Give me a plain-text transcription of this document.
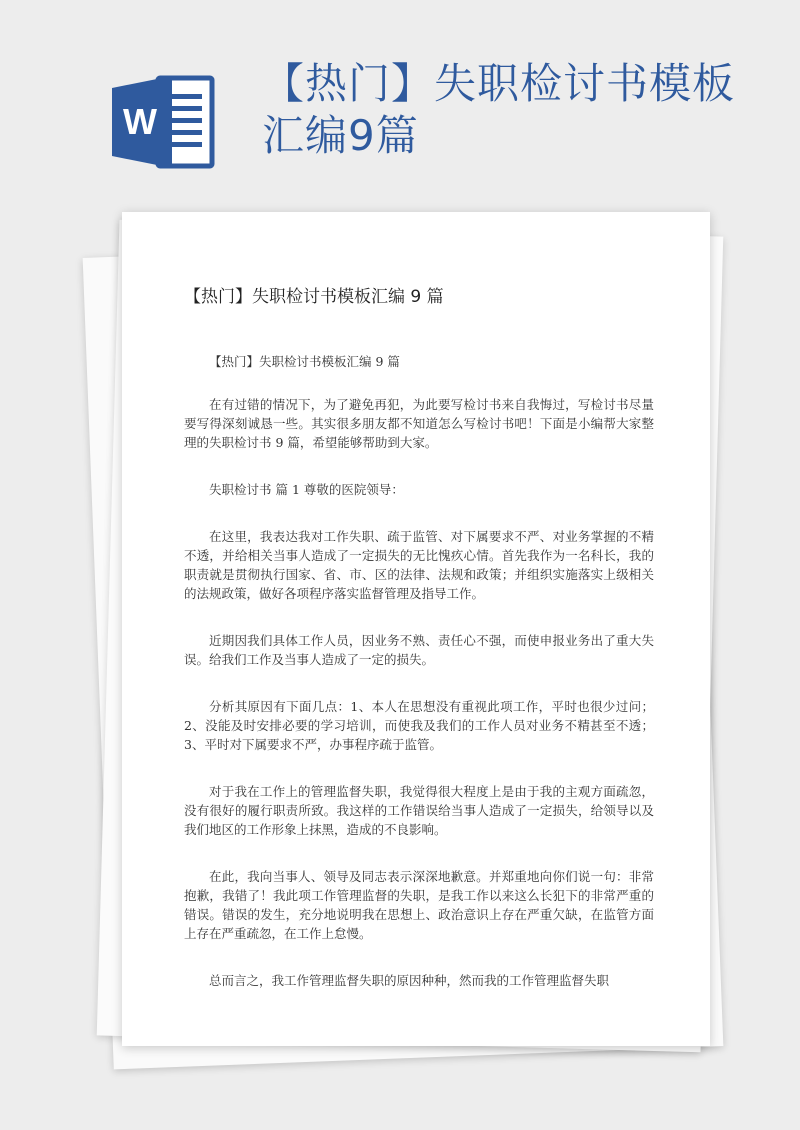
W
【热门】失职检讨书模板汇编9篇
【热门】失职检讨书模板汇编 9 篇

【热门】失职检讨书模板汇编 9 篇

在有过错的情况下，为了避免再犯，为此要写检讨书来自我悔过，写检讨书尽量要写得深刻诚恳一些。其实很多朋友都不知道怎么写检讨书吧！下面是小编帮大家整理的失职检讨书 9 篇，希望能够帮助到大家。

失职检讨书 篇 1 尊敬的医院领导：

在这里，我表达我对工作失职、疏于监管、对下属要求不严、对业务掌握的不精不透，并给相关当事人造成了一定损失的无比愧疚心情。首先我作为一名科长，我的职责就是贯彻执行国家、省、市、区的法律、法规和政策；并组织实施落实上级相关的法规政策，做好各项程序落实监督管理及指导工作。

近期因我们具体工作人员，因业务不熟、责任心不强，而使申报业务出了重大失误。给我们工作及当事人造成了一定的损失。

分析其原因有下面几点：1、本人在思想没有重视此项工作，平时也很少过问；2、没能及时安排必要的学习培训，而使我及我们的工作人员对业务不精甚至不透；3、平时对下属要求不严，办事程序疏于监管。

对于我在工作上的管理监督失职，我觉得很大程度上是由于我的主观方面疏忽，没有很好的履行职责所致。我这样的工作错误给当事人造成了一定损失，给领导以及我们地区的工作形象上抹黑，造成的不良影响。

在此，我向当事人、领导及同志表示深深地歉意。并郑重地向你们说一句：非常抱歉，我错了！我此项工作管理监督的失职，是我工作以来这么长犯下的非常严重的错误。错误的发生，充分地说明我在思想上、政治意识上存在严重欠缺，在监管方面上存在严重疏忽，在工作上怠慢。

总而言之，我工作管理监督失职的原因种种，然而我的工作管理监督失职
